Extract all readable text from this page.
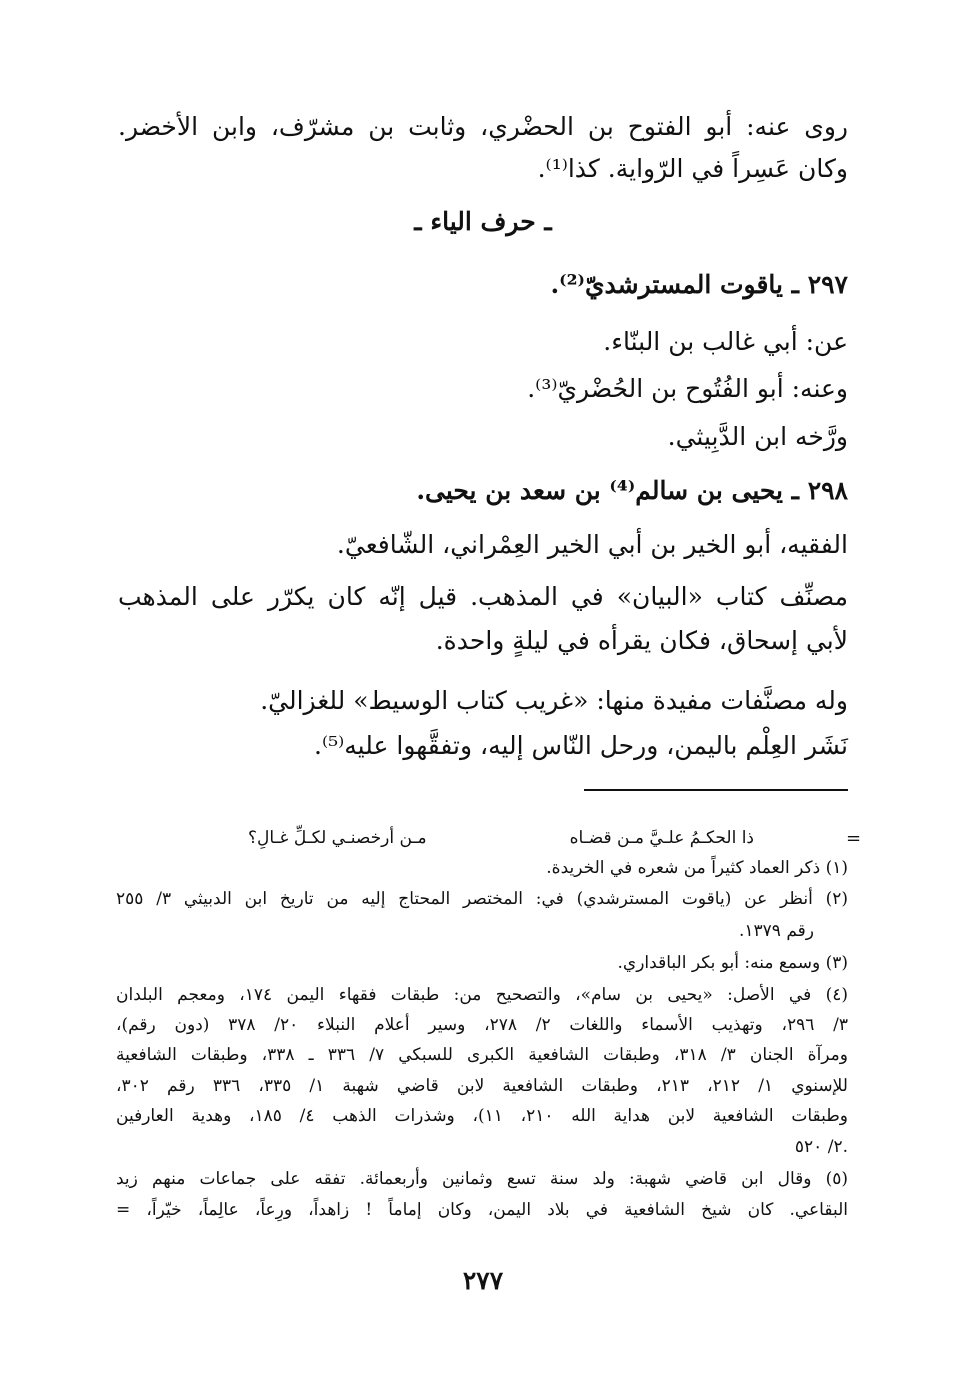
روى عنه: أبو الفتوح بن الحضْري، وثابت بن مشرّف، وابن الأخضر.
وكان عَسِراً في الرّواية. كذا⁽¹⁾.
ـ حرف الياء ـ
٢٩٧ ـ ياقوت المسترشديّ⁽²⁾.
عن: أبي غالب بن البنّاء.
وعنه: أبو الفُتُوح بن الحُضْريّ⁽³⁾.
ورَّخه ابن الدَّبِيثي.
٢٩٨ ـ يحيى بن سالم⁽⁴⁾ بن سعد بن يحيى.
الفقيه، أبو الخير بن أبي الخير العِمْراني، الشّافعيّ.
مصنِّف كتاب «البيان» في المذهب. قيل إنّه كان يكرّر على المذهب
لأبي إسحاق، فكان يقرأه في ليلةٍ واحدة.
وله مصنَّفات مفيدة منها: «غريب كتاب الوسيط» للغزاليّ.
نَشَر العِلْم باليمن، ورحل النّاس إليه، وتفقَّهوا عليه⁽⁵⁾.
=
ذا الحكـمُ علـيَّ مـن قضـاه
مـن أرخصنـي لكـلِّ غـالِ؟
(١) ذكر العماد كثيراً من شعره في الخريدة.
(٢) أنظر عن (ياقوت المسترشدي) في: المختصر المحتاج إليه من تاريخ ابن الدبيثي ٣/ ٢٥٥
رقم ١٣٧٩.
(٣) وسمع منه: أبو بكر الباقداري.
(٤) في الأصل: «يحيى بن سام»، والتصحيح من: طبقات فقهاء اليمن ١٧٤، ومعجم البلدان
٣/ ٢٩٦، وتهذيب الأسماء واللغات ٢/ ٢٧٨، وسير أعلام النبلاء ٢٠/ ٣٧٨ (دون رقم)،
ومرآة الجنان ٣/ ٣١٨، وطبقات الشافعية الكبرى للسبكي ٧/ ٣٣٦ ـ ٣٣٨، وطبقات الشافعية
للإسنوي ١/ ٢١٢، ٢١٣، وطبقات الشافعية لابن قاضي شهبة ١/ ٣٣٥، ٣٣٦ رقم ٣٠٢،
وطبقات الشافعية لابن هداية الله ٢١٠، ١١)، وشذرات الذهب ٤/ ١٨٥، وهدية العارفين
٢/ ٥٢٠.
(٥) وقال ابن قاضي شهبة: ولد سنة تسع وثمانين وأربعمائة. تفقه على جماعات منهم زيد
البقاعي. كان شيخ الشافعية في بلاد اليمن، وكان إماماً ! زاهداً، ورِعاً، عالِماً، خيّراً، =
٢٧٧
